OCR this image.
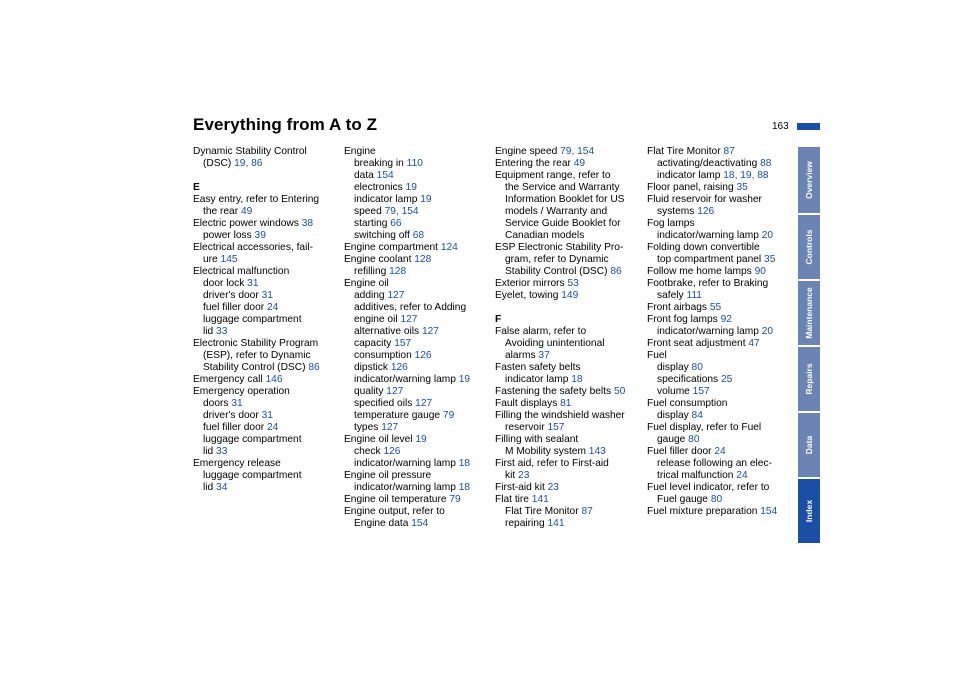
Everything from A to Z	163
Dynamic Stability Control
(DSC) 19, 86
E
Easy entry, refer to Entering
the rear 49
Electric power windows 38
power loss 39
Electrical accessories, fail-
ure 145
Electrical malfunction
door lock 31
driver's door 31
fuel filler door 24
luggage compartment
lid 33
Electronic Stability Program
(ESP), refer to Dynamic
Stability Control (DSC) 86
Emergency call 146
Emergency operation
doors 31
driver's door 31
fuel filler door 24
luggage compartment
lid 33
Emergency release
luggage compartment
lid 34
Engine
breaking in 110
data 154
electronics 19
indicator lamp 19
speed 79, 154
starting 66
switching off 68
Engine compartment 124
Engine coolant 128
refilling 128
Engine oil
adding 127
additives, refer to Adding
engine oil 127
alternative oils 127
capacity 157
consumption 126
dipstick 126
indicator/warning lamp 19
quality 127
specified oils 127
temperature gauge 79
types 127
Engine oil level 19
check 126
indicator/warning lamp 18
Engine oil pressure
indicator/warning lamp 18
Engine oil temperature 79
Engine output, refer to
Engine data 154
Engine speed 79, 154
Entering the rear 49
Equipment range, refer to
the Service and Warranty
Information Booklet for US
models / Warranty and
Service Guide Booklet for
Canadian models
ESP Electronic Stability Pro-
gram, refer to Dynamic
Stability Control (DSC) 86
Exterior mirrors 53
Eyelet, towing 149
F
False alarm, refer to
Avoiding unintentional
alarms 37
Fasten safety belts
indicator lamp 18
Fastening the safety belts 50
Fault displays 81
Filling the windshield washer
reservoir 157
Filling with sealant
M Mobility system 143
First aid, refer to First-aid
kit 23
First-aid kit 23
Flat tire 141
Flat Tire Monitor 87
repairing 141
Flat Tire Monitor 87
activating/deactivating 88
indicator lamp 18, 19, 88
Floor panel, raising 35
Fluid reservoir for washer
systems 126
Fog lamps
indicator/warning lamp 20
Folding down convertible
top compartment panel 35
Follow me home lamps 90
Footbrake, refer to Braking
safely 111
Front airbags 55
Front fog lamps 92
indicator/warning lamp 20
Front seat adjustment 47
Fuel
display 80
specifications 25
volume 157
Fuel consumption
display 84
Fuel display, refer to Fuel
gauge 80
Fuel filler door 24
release following an elec-
trical malfunction 24
Fuel level indicator, refer to
Fuel gauge 80
Fuel mixture preparation 154
Overview
Controls
Maintenance
Repairs
Data
Index
